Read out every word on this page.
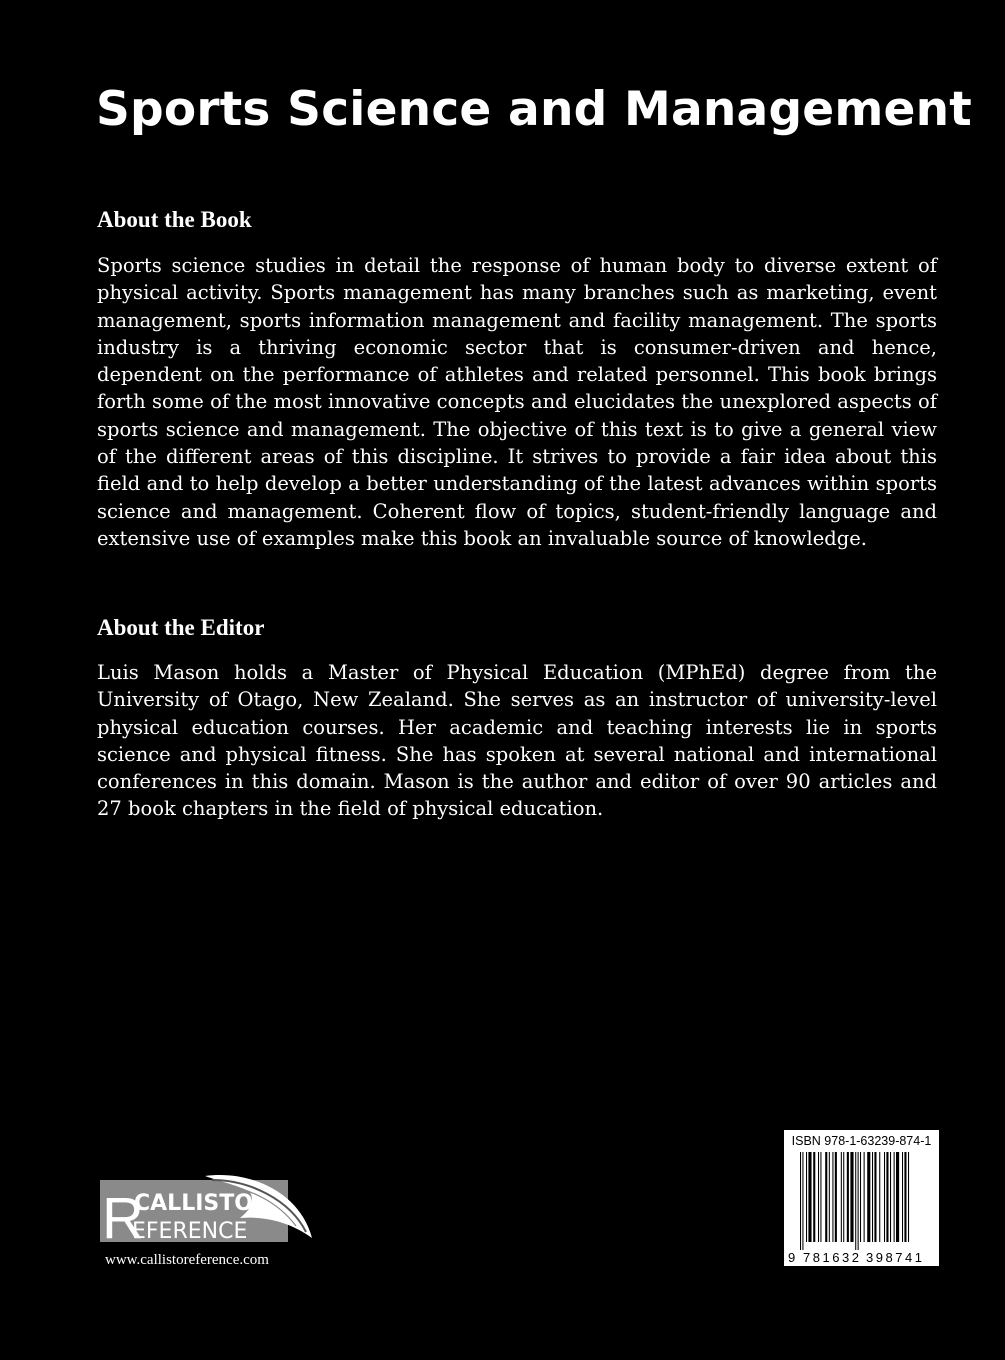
Sports Science and Management
About the Book

Sports science studies in detail the response of human body to diverse extent of physical activity. Sports management has many branches such as marketing, event management, sports information management and facility management. The sports industry is a thriving economic sector that is consumer-driven and hence, dependent on the performance of athletes and related personnel. This book brings forth some of the most innovative concepts and elucidates the unexplored aspects of sports science and management. The objective of this text is to give a general view of the different areas of this discipline. It strives to provide a fair idea about this field and to help develop a better understanding of the latest advances within sports science and management. Coherent flow of topics, student-friendly language and extensive use of examples make this book an invaluable source of knowledge.

About the Editor

Luis Mason holds a Master of Physical Education (MPhEd) degree from the University of Otago, New Zealand. She serves as an instructor of university-level physical education courses. Her academic and teaching interests lie in sports science and physical fitness. She has spoken at several national and international conferences in this domain. Mason is the author and editor of over 90 articles and 27 book chapters in the field of physical education.

R
CALLISTO
EFERENCE
www.callistoreference.com
ISBN 978-1-63239-874-1
9 781632 398741
